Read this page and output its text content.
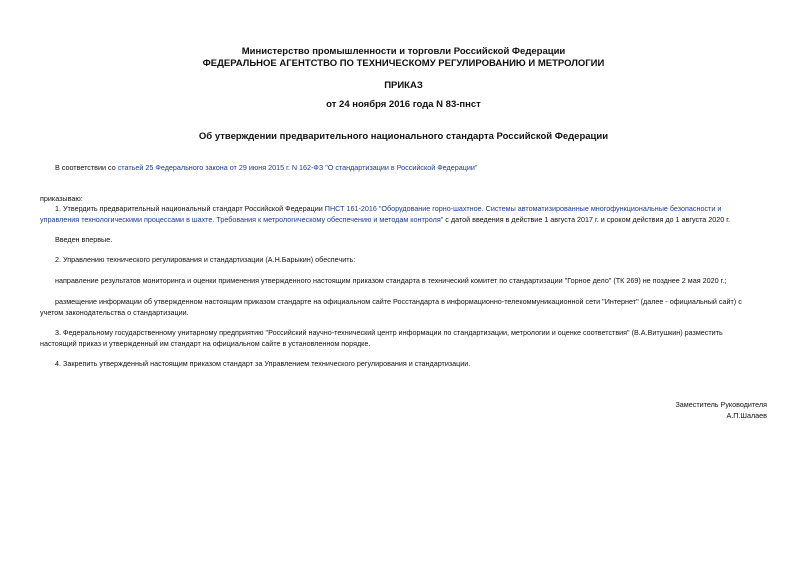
Министерство промышленности и торговли Российской Федерации
ФЕДЕРАЛЬНОЕ АГЕНТСТВО ПО ТЕХНИЧЕСКОМУ РЕГУЛИРОВАНИЮ И МЕТРОЛОГИИ
ПРИКАЗ
от 24 ноября 2016 года N 83-пнст
Об утверждении предварительного национального стандарта Российской Федерации
В соответствии со статьей 25 Федерального закона от 29 июня 2015 г. N 162-ФЗ "О стандартизации в Российской Федерации"
приказываю:
1. Утвердить предварительный национальный стандарт Российской Федерации ПНСТ 161-2016 "Оборудование горно-шахтное. Системы автоматизированные многофункциональные безопасности и управления технологическими процессами в шахте. Требования к метрологическому обеспечению и методам контроля" с датой введения в действие 1 августа 2017 г. и сроком действия до 1 августа 2020 г.
Введен впервые.
2. Управлению технического регулирования и стандартизации (А.Н.Барыкин) обеспечить:
направление результатов мониторинга и оценки применения утвержденного настоящим приказом стандарта в технический комитет по стандартизации "Горное дело" (ТК 269) не позднее 2 мая 2020 г.;
размещение информации об утвержденном настоящим приказом стандарте на официальном сайте Росстандарта в информационно-телекоммуникационной сети "Интернет" (далее - официальный сайт) с учетом законодательства о стандартизации.
3. Федеральному государственному унитарному предприятию "Российский научно-технический центр информации по стандартизации, метрологии и оценке соответствия" (В.А.Витушкин) разместить настоящий приказ и утвержденный им стандарт на официальном сайте в установленном порядке.
4. Закрепить утвержденный настоящим приказом стандарт за Управлением технического регулирования и стандартизации.
Заместитель Руководителя
А.П.Шалаев
